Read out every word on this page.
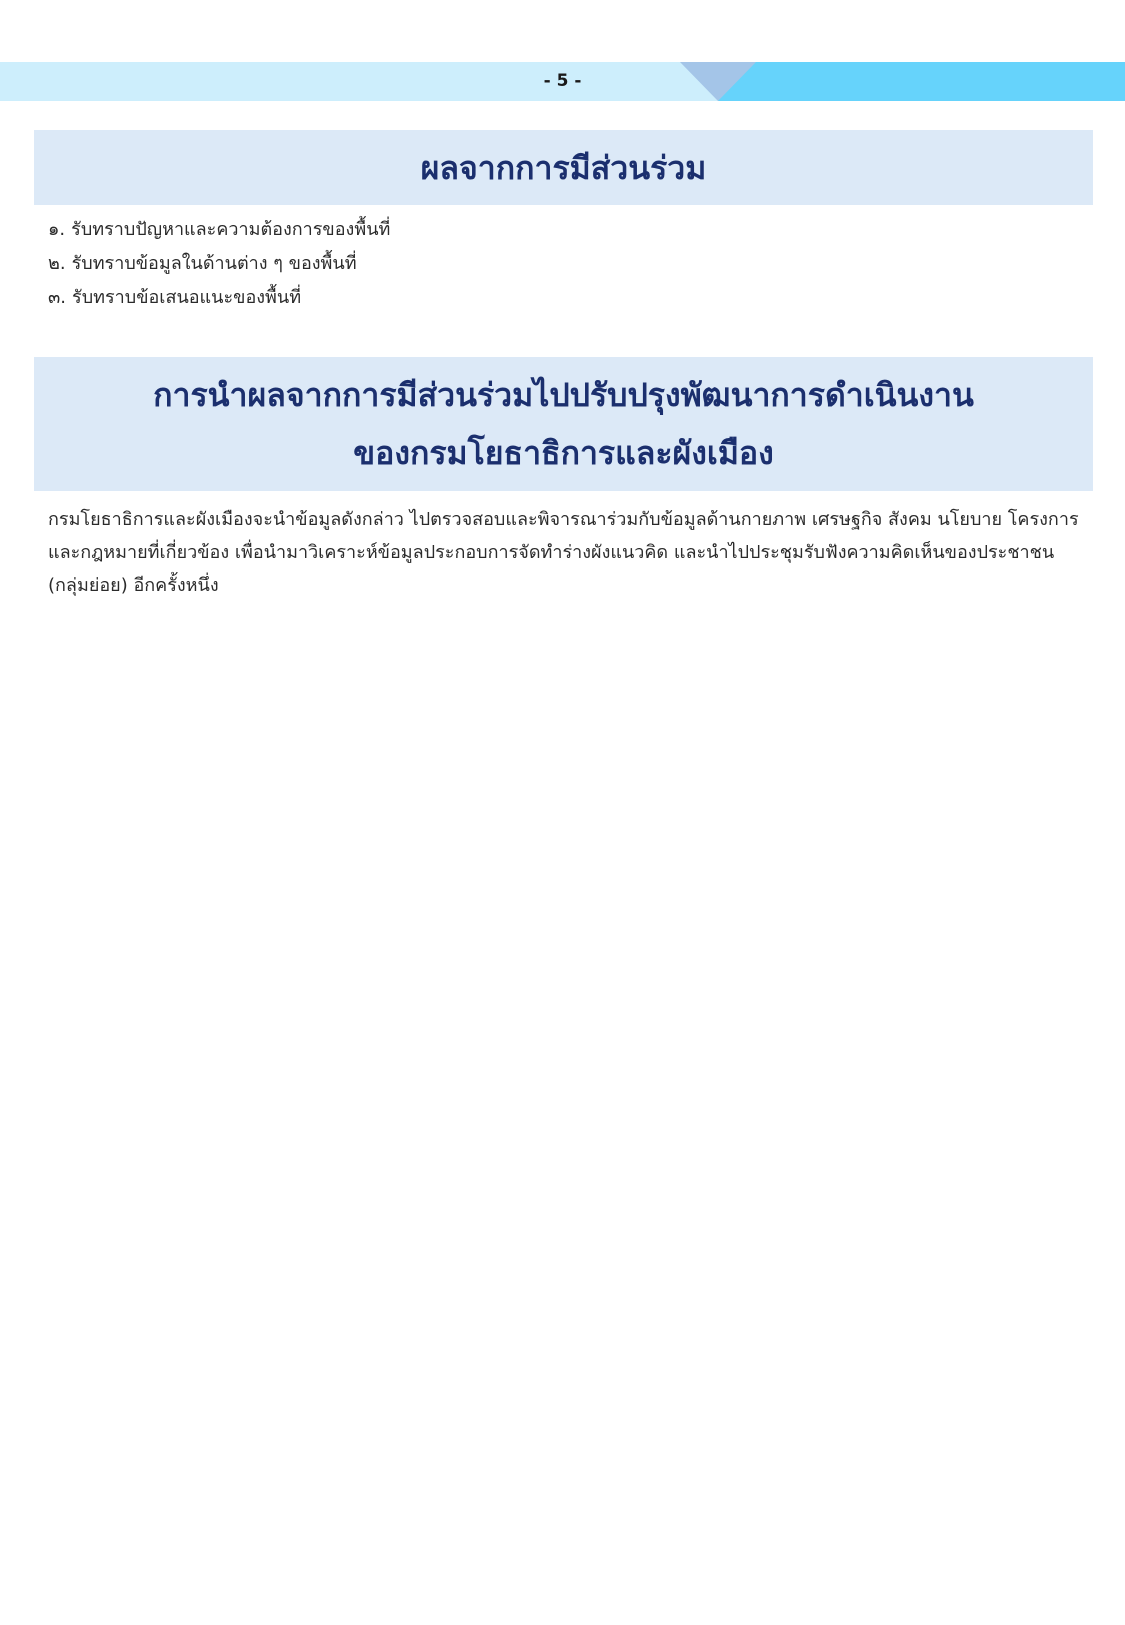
- 5 -
ผลจากการมีส่วนร่วม
๑. รับทราบปัญหาและความต้องการของพื้นที่
๒. รับทราบข้อมูลในด้านต่าง ๆ ของพื้นที่
๓. รับทราบข้อเสนอแนะของพื้นที่
การนำผลจากการมีส่วนร่วมไปปรับปรุงพัฒนาการดำเนินงาน
ของกรมโยธาธิการและผังเมือง

กรมโยธาธิการและผังเมืองจะนำข้อมูลดังกล่าว ไปตรวจสอบและพิจารณาร่วมกับข้อมูลด้านกายภาพ เศรษฐกิจ สังคม นโยบาย โครงการ
และกฎหมายที่เกี่ยวข้อง เพื่อนำมาวิเคราะห์ข้อมูลประกอบการจัดทำร่างผังแนวคิด และนำไปประชุมรับฟังความคิดเห็นของประชาชน
(กลุ่มย่อย) อีกครั้งหนึ่ง
